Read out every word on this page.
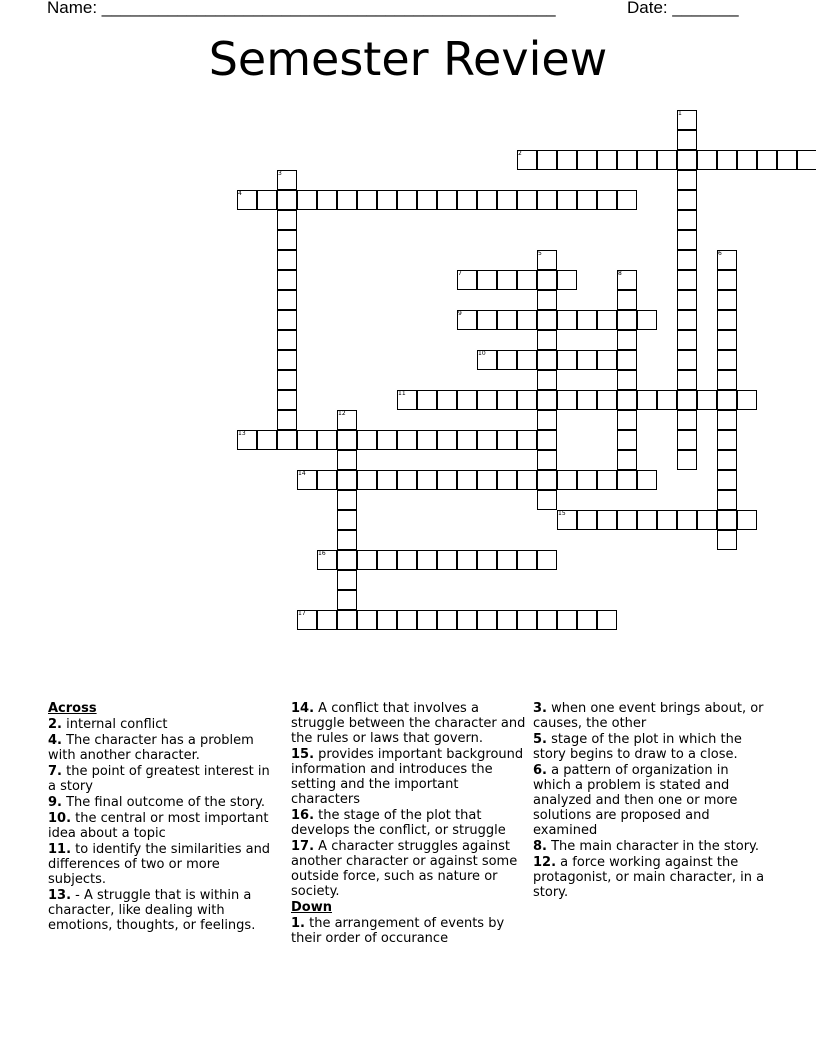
Name: ________________________________________________	Date: _______
Semester Review
1
2
3
4
5	6
7	8
9
10
11
12
13
14
15
16
17
Across
2. internal conflict
4. The character has a problem with another character.
7. the point of greatest interest in a story
9. The final outcome of the story.
10. the central or most important idea about a topic
11. to identify the similarities and differences of two or more subjects.
13. - A struggle that is within a character, like dealing with emotions, thoughts, or feelings.
14. A conflict that involves a struggle between the character and the rules or laws that govern.
15. provides important background information and introduces the setting and the important characters
16. the stage of the plot that develops the conflict, or struggle
17. A character struggles against another character or against some outside force, such as nature or society.
Down
1. the arrangement of events by their order of occurance
3. when one event brings about, or causes, the other
5. stage of the plot in which the story begins to draw to a close.
6. a pattern of organization in which a problem is stated and analyzed and then one or more solutions are proposed and examined
8. The main character in the story.
12. a force working against the protagonist, or main character, in a story.
